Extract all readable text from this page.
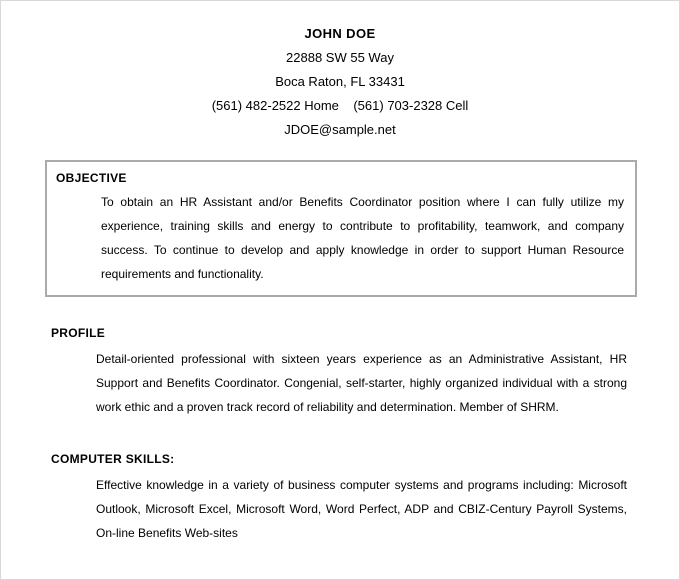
JOHN DOE
22888 SW 55 Way
Boca Raton, FL 33431
(561) 482-2522 Home    (561) 703-2328 Cell
JDOE@sample.net
OBJECTIVE
To obtain an HR Assistant and/or Benefits Coordinator position where I can fully utilize my experience, training skills and energy to contribute to profitability, teamwork, and company success. To continue to develop and apply knowledge in order to support Human Resource requirements and functionality.
PROFILE
Detail-oriented professional with sixteen years experience as an Administrative Assistant, HR Support and Benefits Coordinator. Congenial, self-starter, highly organized individual with a strong work ethic and a proven track record of reliability and determination. Member of SHRM.
COMPUTER SKILLS:
Effective knowledge in a variety of business computer systems and programs including: Microsoft Outlook, Microsoft Excel, Microsoft Word, Word Perfect, ADP and CBIZ-Century Payroll Systems, On-line Benefits Web-sites
